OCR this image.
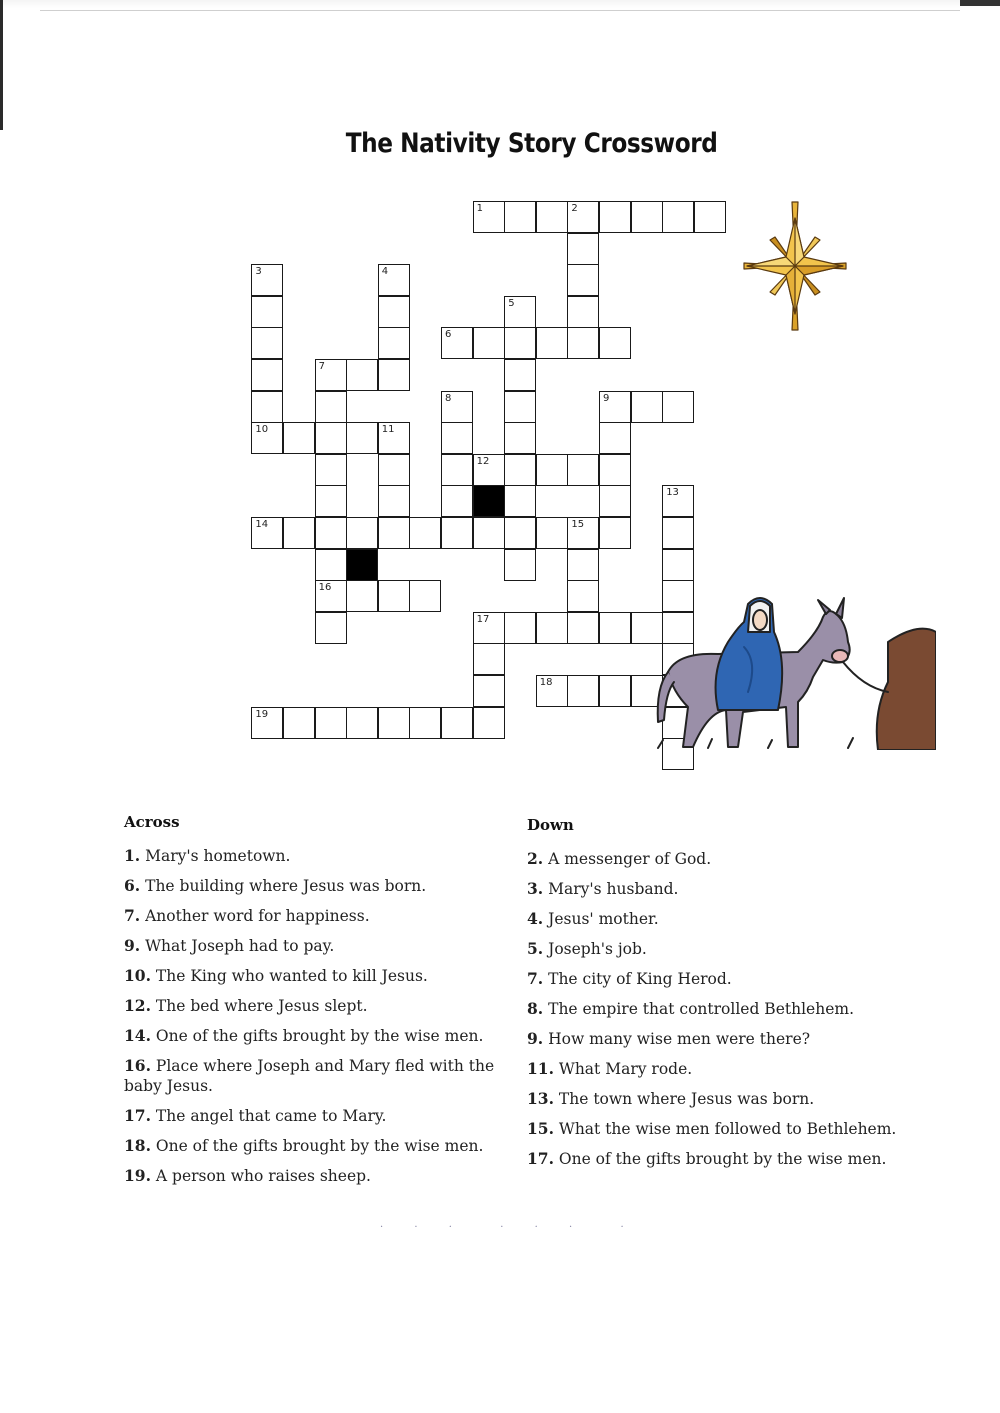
The Nativity Story Crossword
1	2
3
10
4
5
6
7
16
8	9
11
12
13
14	15
17
18
19
Across
1. Mary's hometown.
6. The building where Jesus was born.
7. Another word for happiness.
9. What Joseph had to pay.
10. The King who wanted to kill Jesus.
12. The bed where Jesus slept.
14. One of the gifts brought by the wise men.
16. Place where Joseph and Mary fled with the baby Jesus.
17. The angel that came to Mary.
18. One of the gifts brought by the wise men.
19. A person who raises sheep.
Down
2. A messenger of God.
3. Mary's husband.
4. Jesus' mother.
5. Joseph's job.
7. The city of King Herod.
8. The empire that controlled Bethlehem.
9. How many wise men were there?
11. What Mary rode.
13. The town where Jesus was born.
15. What the wise men followed to Bethlehem.
17. One of the gifts brought by the wise men.
· · ·  · · ·  ·
